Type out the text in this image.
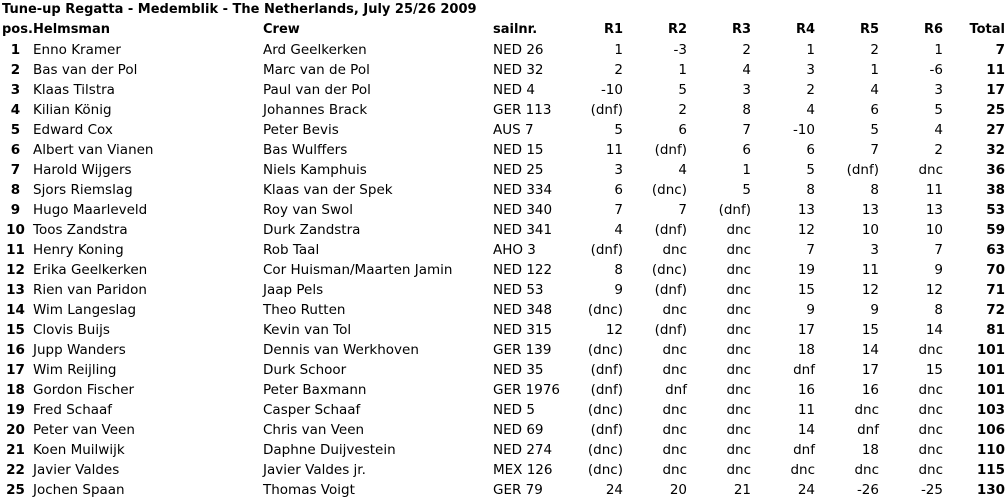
Tune-up Regatta - Medemblik - The Netherlands, July 25/26 2009
pos.	Helmsman	Crew	sailnr.	R1	R2	R3	R4	R5	R6	Total
1	Enno Kramer	Ard Geelkerken	NED 26	1	-3	2	1	2	1	7
2	Bas van der Pol	Marc van de Pol	NED 32	2	1	4	3	1	-6	11
3	Klaas Tilstra	Paul van der Pol	NED 4	-10	5	3	2	4	3	17
4	Kilian König	Johannes Brack	GER 113	(dnf)	2	8	4	6	5	25
5	Edward Cox	Peter Bevis	AUS 7	5	6	7	-10	5	4	27
6	Albert van Vianen	Bas Wulffers	NED 15	11	(dnf)	6	6	7	2	32
7	Harold Wijgers	Niels Kamphuis	NED 25	3	4	1	5	(dnf)	dnc	36
8	Sjors Riemslag	Klaas van der Spek	NED 334	6	(dnc)	5	8	8	11	38
9	Hugo Maarleveld	Roy van Swol	NED 340	7	7	(dnf)	13	13	13	53
10	Toos Zandstra	Durk Zandstra	NED 341	4	(dnf)	dnc	12	10	10	59
11	Henry Koning	Rob Taal	AHO 3	(dnf)	dnc	dnc	7	3	7	63
12	Erika Geelkerken	Cor Huisman/Maarten Jamin	NED 122	8	(dnc)	dnc	19	11	9	70
13	Rien van Paridon	Jaap Pels	NED 53	9	(dnf)	dnc	15	12	12	71
14	Wim Langeslag	Theo Rutten	NED 348	(dnc)	dnc	dnc	9	9	8	72
15	Clovis Buijs	Kevin van Tol	NED 315	12	(dnf)	dnc	17	15	14	81
16	Jupp Wanders	Dennis van Werkhoven	GER 139	(dnc)	dnc	dnc	18	14	dnc	101
17	Wim Reijling	Durk Schoor	NED 35	(dnf)	dnc	dnc	dnf	17	15	101
18	Gordon Fischer	Peter Baxmann	GER 1976	(dnf)	dnf	dnc	16	16	dnc	101
19	Fred Schaaf	Casper Schaaf	NED 5	(dnc)	dnc	dnc	11	dnc	dnc	103
20	Peter van Veen	Chris van Veen	NED 69	(dnf)	dnc	dnc	14	dnf	dnc	106
21	Koen Muilwijk	Daphne Duijvestein	NED 274	(dnc)	dnc	dnc	dnf	18	dnc	110
22	Javier Valdes	Javier Valdes jr.	MEX 126	(dnc)	dnc	dnc	dnc	dnc	dnc	115
25	Jochen Spaan	Thomas Voigt	GER 79	24	20	21	24	-26	-25	130
